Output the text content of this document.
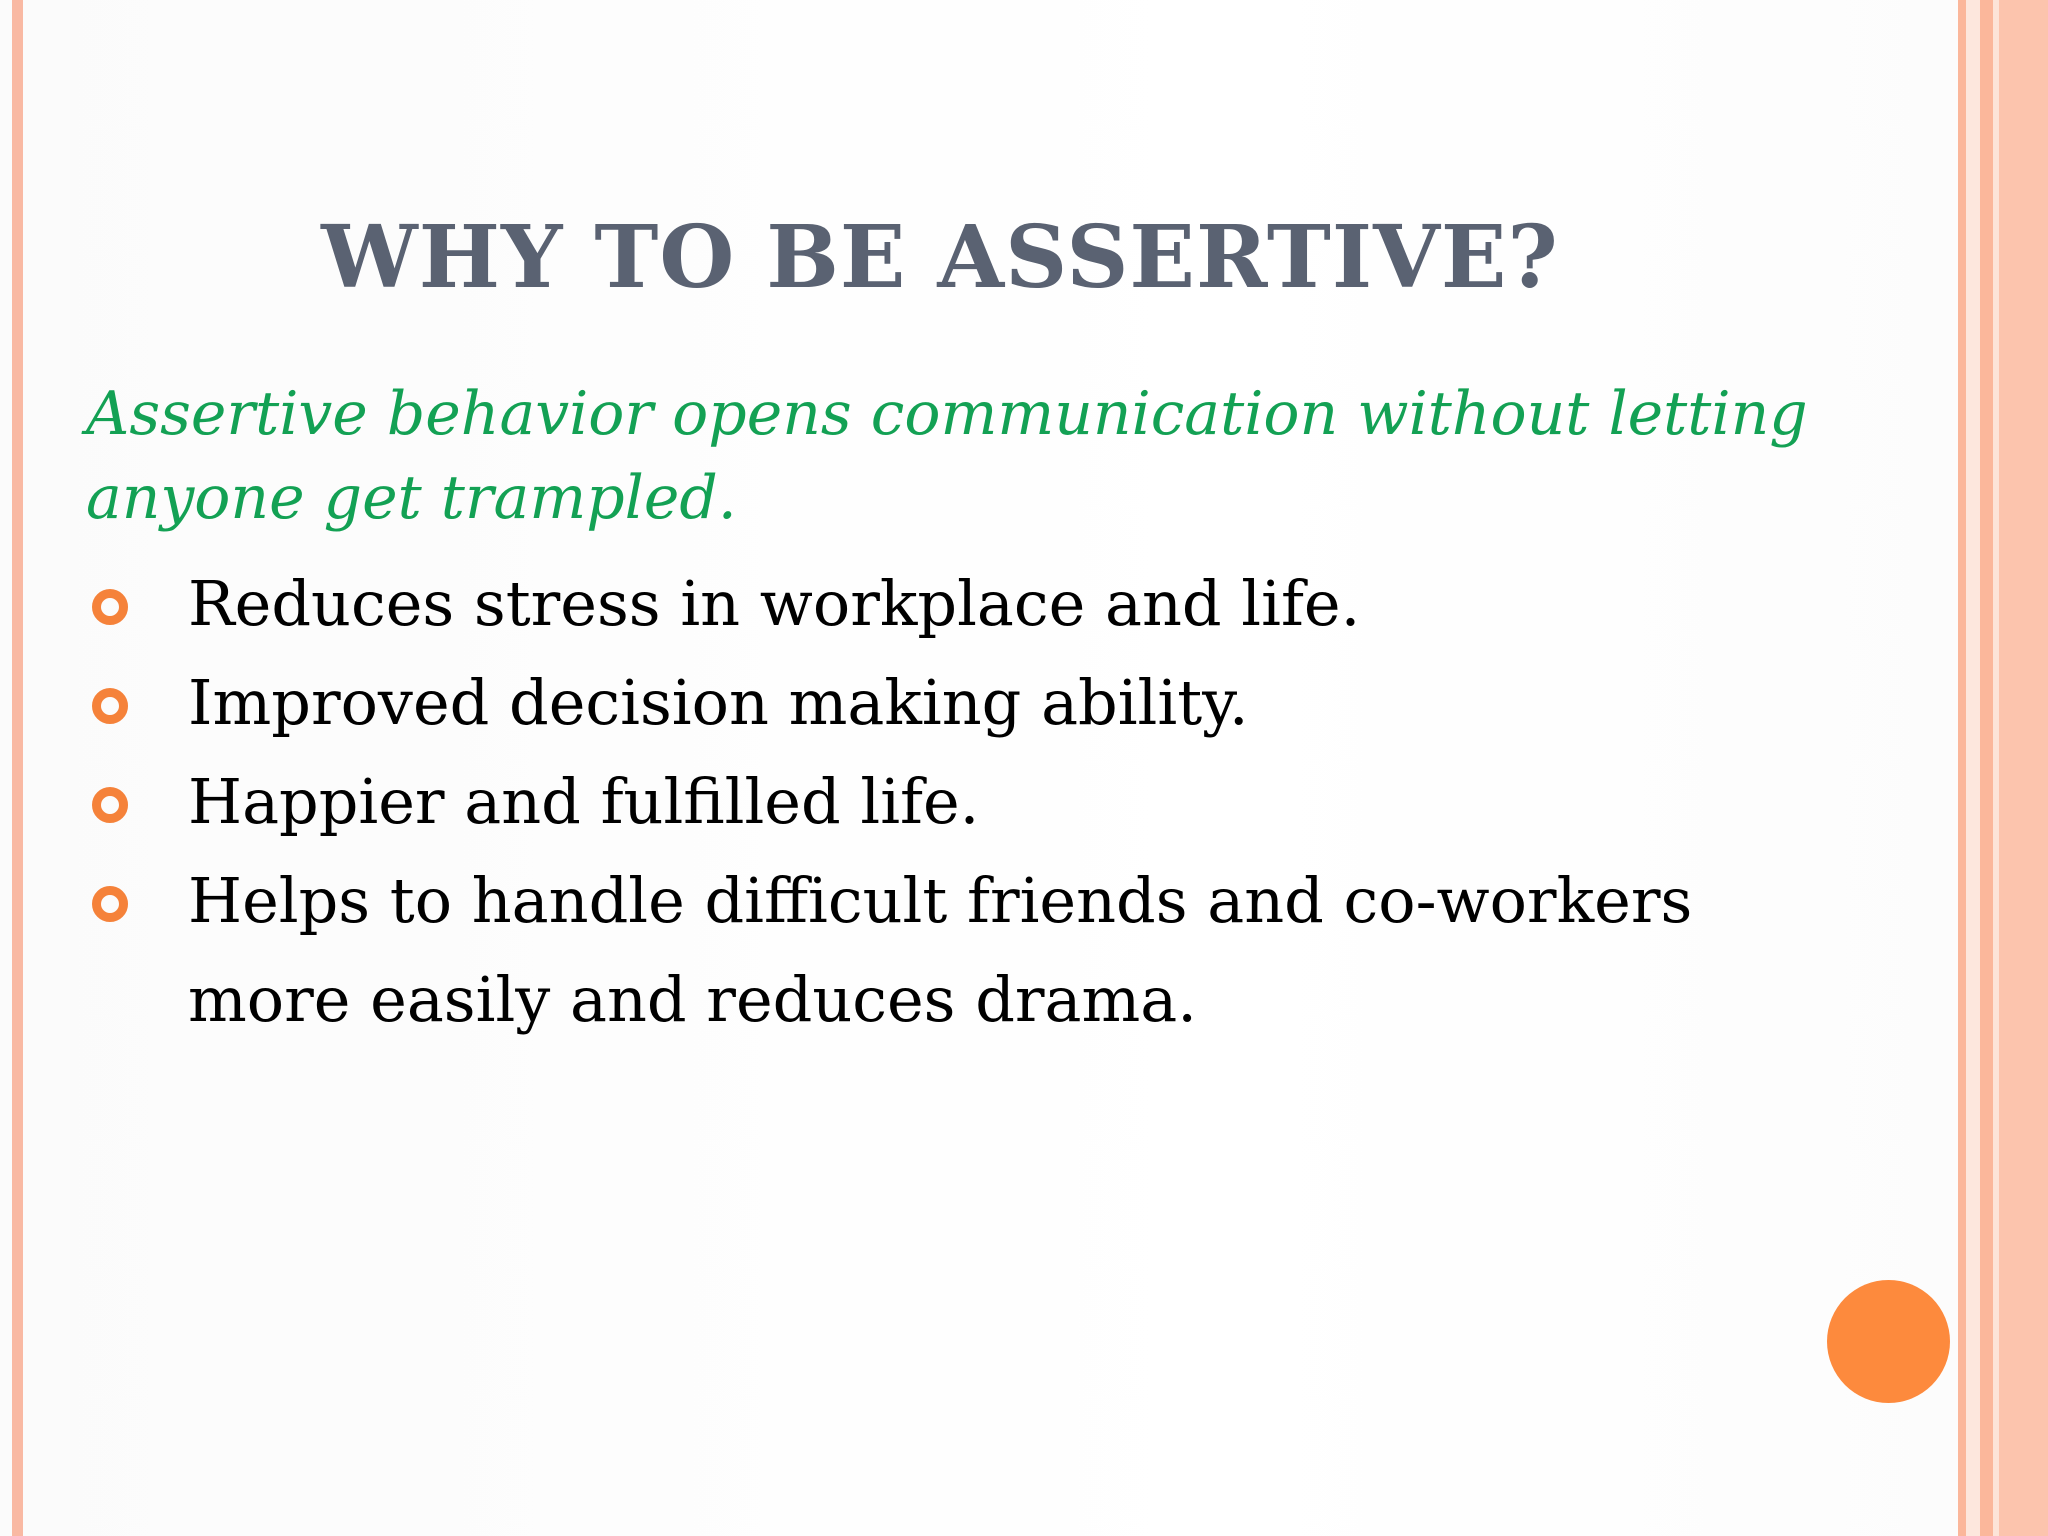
WHY TO BE ASSERTIVE?

Assertive behavior opens communication without letting anyone get trampled.

Reduces stress in workplace and life.
Improved decision making ability.
Happier and fulfilled life.
Helps to handle difficult friends and co-workers more easily and reduces drama.
